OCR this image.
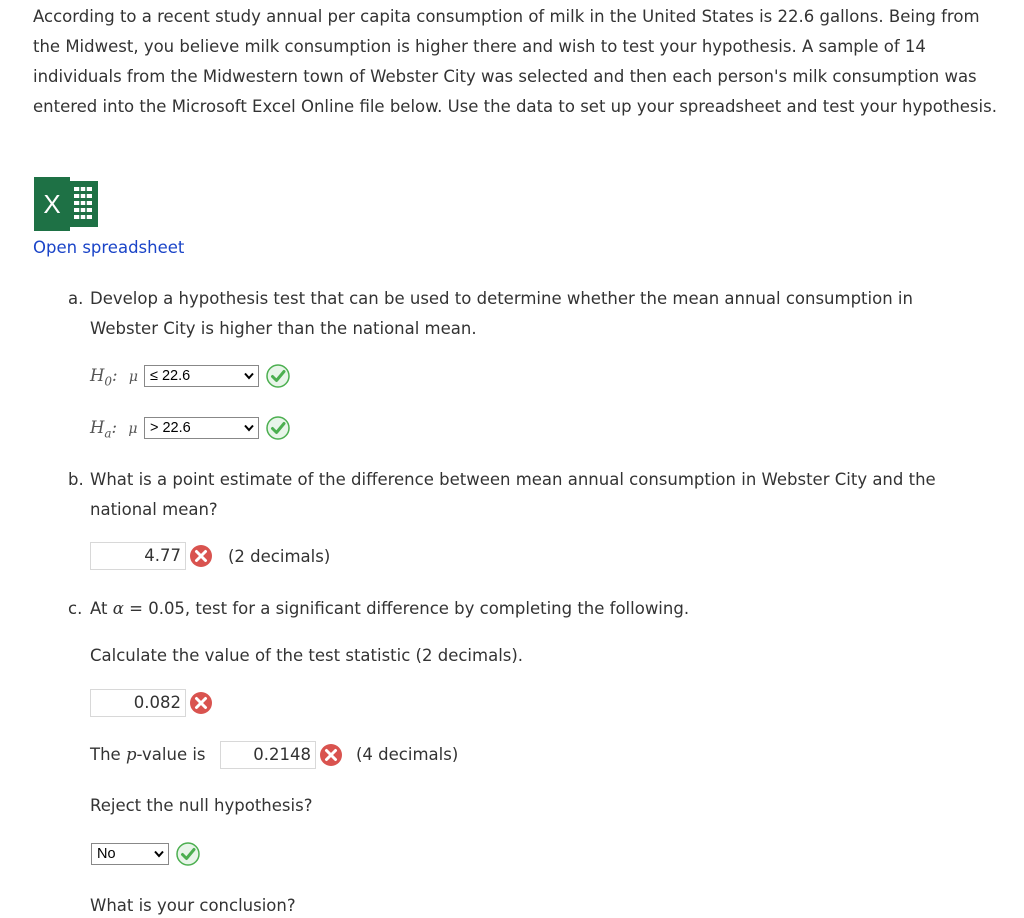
According to a recent study annual per capita consumption of milk in the United States is 22.6 gallons. Being from the Midwest, you believe milk consumption is higher there and wish to test your hypothesis. A sample of 14 individuals from the Midwestern town of Webster City was selected and then each person's milk consumption was entered into the Microsoft Excel Online file below. Use the data to set up your spreadsheet and test your hypothesis.
X
Open spreadsheet
a. Develop a hypothesis test that can be used to determine whether the mean annual consumption in
Webster City is higher than the national mean.
$H_0$: μ ≤ 22.6
$H_a$: μ > 22.6
b. What is a point estimate of the difference between mean annual consumption in Webster City and the
national mean?
4.77	(2 decimals)
c. At α = 0.05, test for a significant difference by completing the following.
Calculate the value of the test statistic (2 decimals).
0.082
The p-value is	0.2148	(4 decimals)
Reject the null hypothesis?
No
What is your conclusion?
